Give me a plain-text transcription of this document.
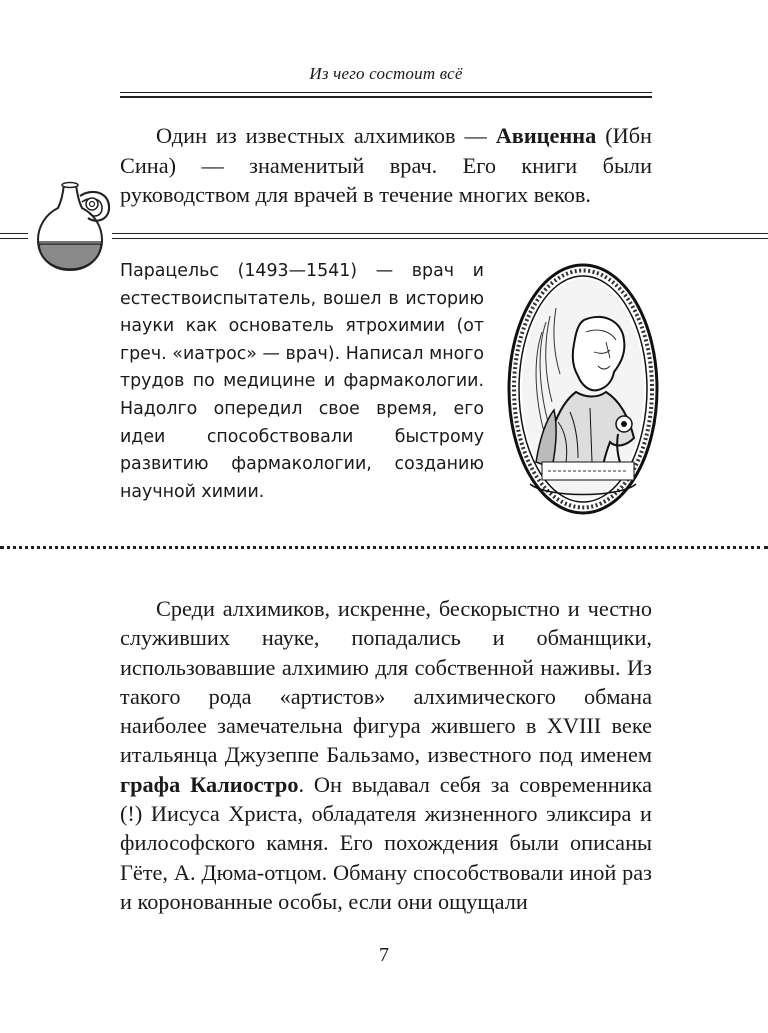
Из чего состоит всё

Один из известных алхимиков — Авиценна (Ибн Сина) — знаменитый врач. Его книги были руководством для врачей в течение многих веков.

Парацельс (1493—1541) — врач и естествоиспытатель, вошел в историю науки как основатель ятрохимии (от греч. «иатрос» — врач). Написал много трудов по медицине и фармакологии. Надолго опередил свое время, его идеи способствовали быстрому развитию фармакологии, созданию научной химии.

Среди алхимиков, искренне, бескорыстно и честно служивших науке, попадались и обманщики, использовавшие алхимию для собственной наживы. Из такого рода «артистов» алхимического обмана наиболее замечательна фигура жившего в XVIII веке итальянца Джузеппе Бальзамо, известного под именем графа Калиостро. Он выдавал себя за современника (!) Иисуса Христа, обладателя жизненного эликсира и философского камня. Его похождения были описаны Гёте, А. Дюма-отцом. Обману способствовали иной раз и коронованные особы, если они ощущали

7
